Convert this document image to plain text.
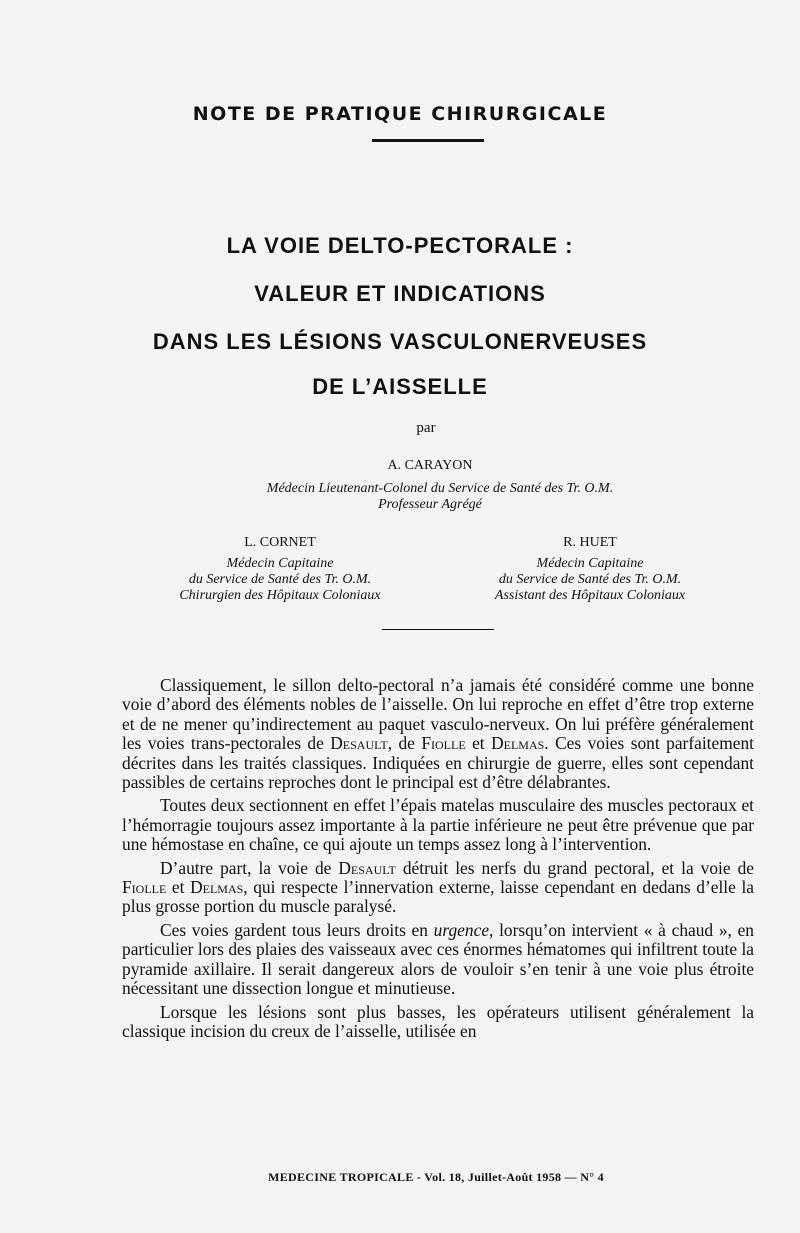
NOTE DE PRATIQUE CHIRURGICALE
LA VOIE DELTO-PECTORALE :
VALEUR ET INDICATIONS
DANS LES LÉSIONS VASCULONERVEUSES
DE L’AISSELLE
par
A. CARAYON
Médecin Lieutenant-Colonel du Service de Santé des Tr. O.M.
Professeur Agrégé
L. CORNET
Médecin Capitaine
du Service de Santé des Tr. O.M.
Chirurgien des Hôpitaux Coloniaux
R. HUET
Médecin Capitaine
du Service de Santé des Tr. O.M.
Assistant des Hôpitaux Coloniaux

Classiquement, le sillon delto-pectoral n’a jamais été considéré comme une bonne voie d’abord des éléments nobles de l’aisselle. On lui reproche en effet d’être trop externe et de ne mener qu’indirectement au paquet vasculo-nerveux. On lui préfère généralement les voies trans-pectorales de Desault, de Fiolle et Delmas. Ces voies sont parfaitement décrites dans les traités classiques. Indiquées en chirurgie de guerre, elles sont cependant passibles de certains reproches dont le principal est d’être délabrantes.

Toutes deux sectionnent en effet l’épais matelas musculaire des muscles pectoraux et l’hémorragie toujours assez importante à la partie inférieure ne peut être prévenue que par une hémostase en chaîne, ce qui ajoute un temps assez long à l’intervention.

D’autre part, la voie de Desault détruit les nerfs du grand pectoral, et la voie de Fiolle et Delmas, qui respecte l’innervation externe, laisse cependant en dedans d’elle la plus grosse portion du muscle paralysé.

Ces voies gardent tous leurs droits en urgence, lorsqu’on intervient « à chaud », en particulier lors des plaies des vaisseaux avec ces énormes hématomes qui infiltrent toute la pyramide axillaire. Il serait dangereux alors de vouloir s’en tenir à une voie plus étroite nécessitant une dissection longue et minutieuse.

Lorsque les lésions sont plus basses, les opérateurs utilisent généralement la classique incision du creux de l’aisselle, utilisée en

MEDECINE TROPICALE - Vol. 18, Juillet-Août 1958 — N° 4
